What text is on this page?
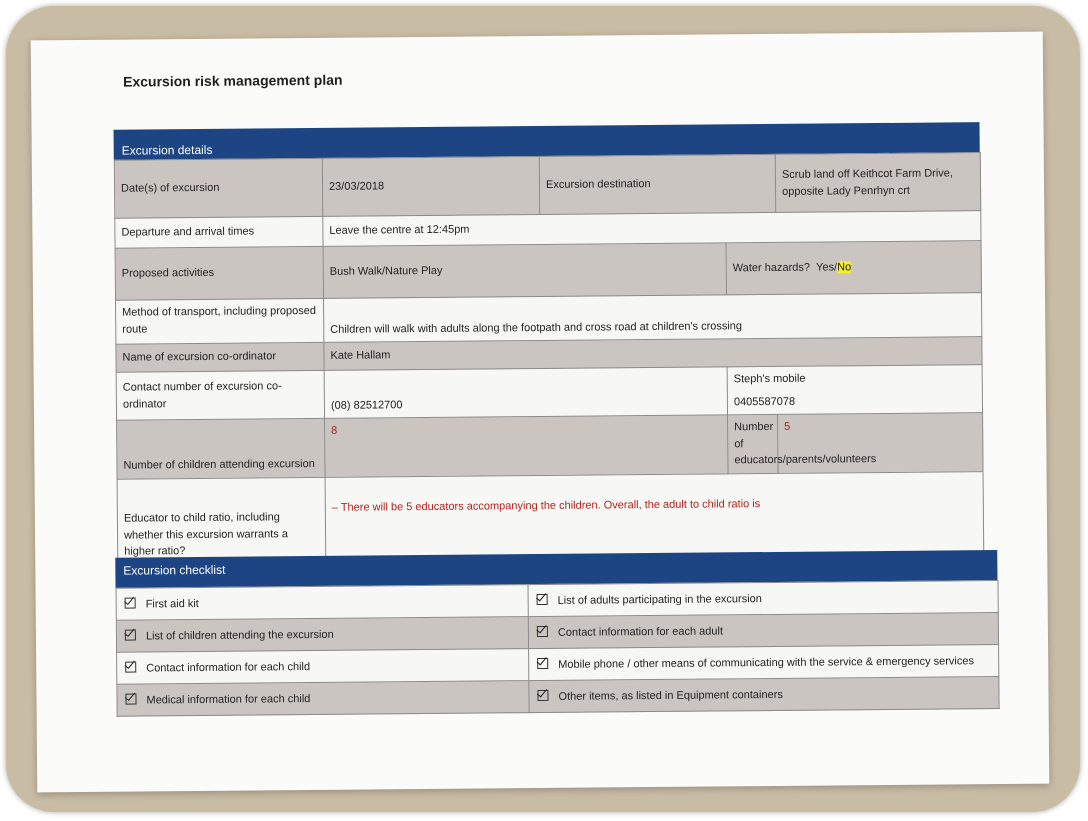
Excursion risk management plan
Excursion details
Date(s) of excursion	23/03/2018	Excursion destination		Scrub land off Keithcot Farm Drive, opposite Lady Penrhyn crt
Departure and arrival times	Leave the centre at 12:45pm			
Proposed activities	Bush Walk/Nature Play		Water hazards? Yes/No	
Method of transport, including proposed route	Children will walk with adults along the footpath and cross road at children's crossing			
Name of excursion co-ordinator	Kate Hallam			
Contact number of excursion co-ordinator	(08) 82512700		Steph's mobile
0405587078	

Number of children attending excursion	8		Number of educators/parents/volunteers	5
Educator to child ratio, including whether this excursion warrants a higher ratio?	– There will be 5 educators accompanying the children. Overall, the adult to child ratio is			
Excursion checklist
First aid kit	List of adults participating in the excursion
List of children attending the excursion	Contact information for each adult
Contact information for each child	Mobile phone / other means of communicating with the service & emergency services
Medical information for each child	Other items, as listed in Equipment containers
